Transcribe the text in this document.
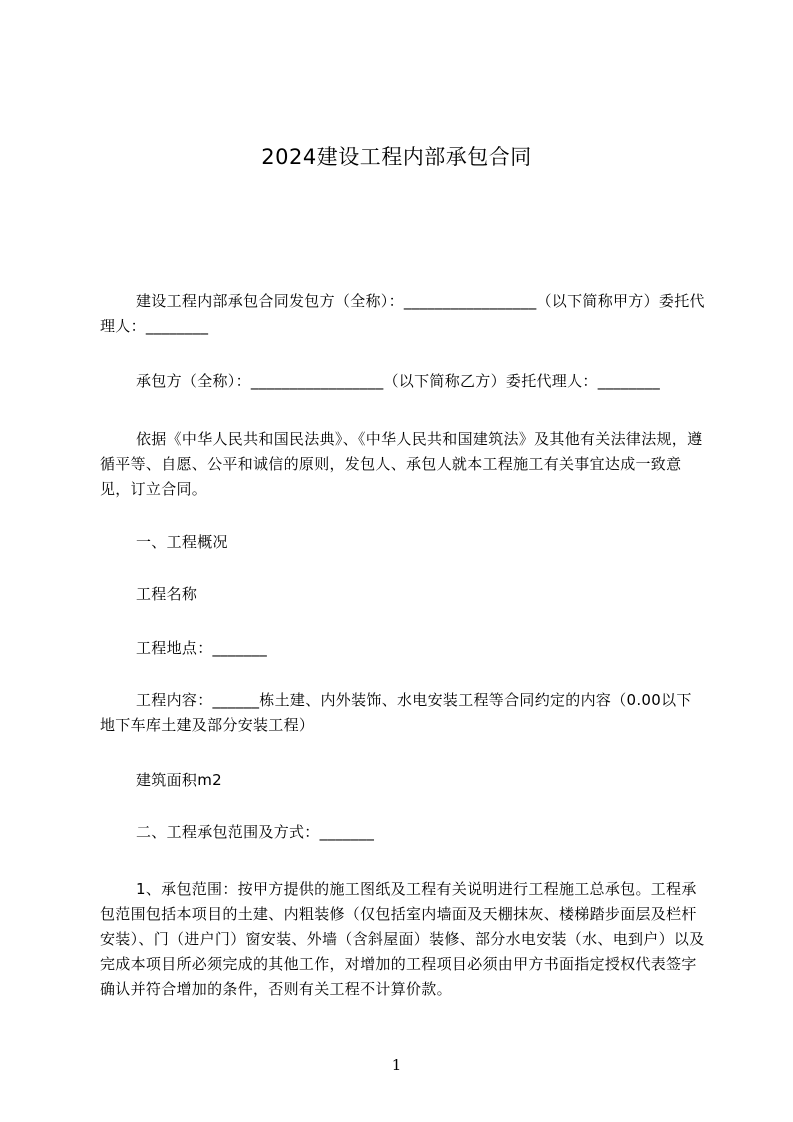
2024建设工程内部承包合同
建设工程内部承包合同发包方（全称）：_________________（以下简称甲方）委托代理人：________
承包方（全称）：_________________（以下简称乙方）委托代理人：________
依据《中华人民共和国民法典》、《中华人民共和国建筑法》及其他有关法律法规，遵循平等、自愿、公平和诚信的原则，发包人、承包人就本工程施工有关事宜达成一致意见，订立合同。
一、工程概况
工程名称
工程地点：_______
工程内容：______栋土建、内外装饰、水电安装工程等合同约定的内容（0.00以下地下车库土建及部分安装工程）
建筑面积m2
二、工程承包范围及方式：_______
1、承包范围：按甲方提供的施工图纸及工程有关说明进行工程施工总承包。工程承包范围包括本项目的土建、内粗装修（仅包括室内墙面及天棚抹灰、楼梯踏步面层及栏杆安装）、门（进户门）窗安装、外墙（含斜屋面）装修、部分水电安装（水、电到户）以及完成本项目所必须完成的其他工作，对增加的工程项目必须由甲方书面指定授权代表签字确认并符合增加的条件，否则有关工程不计算价款。
1
